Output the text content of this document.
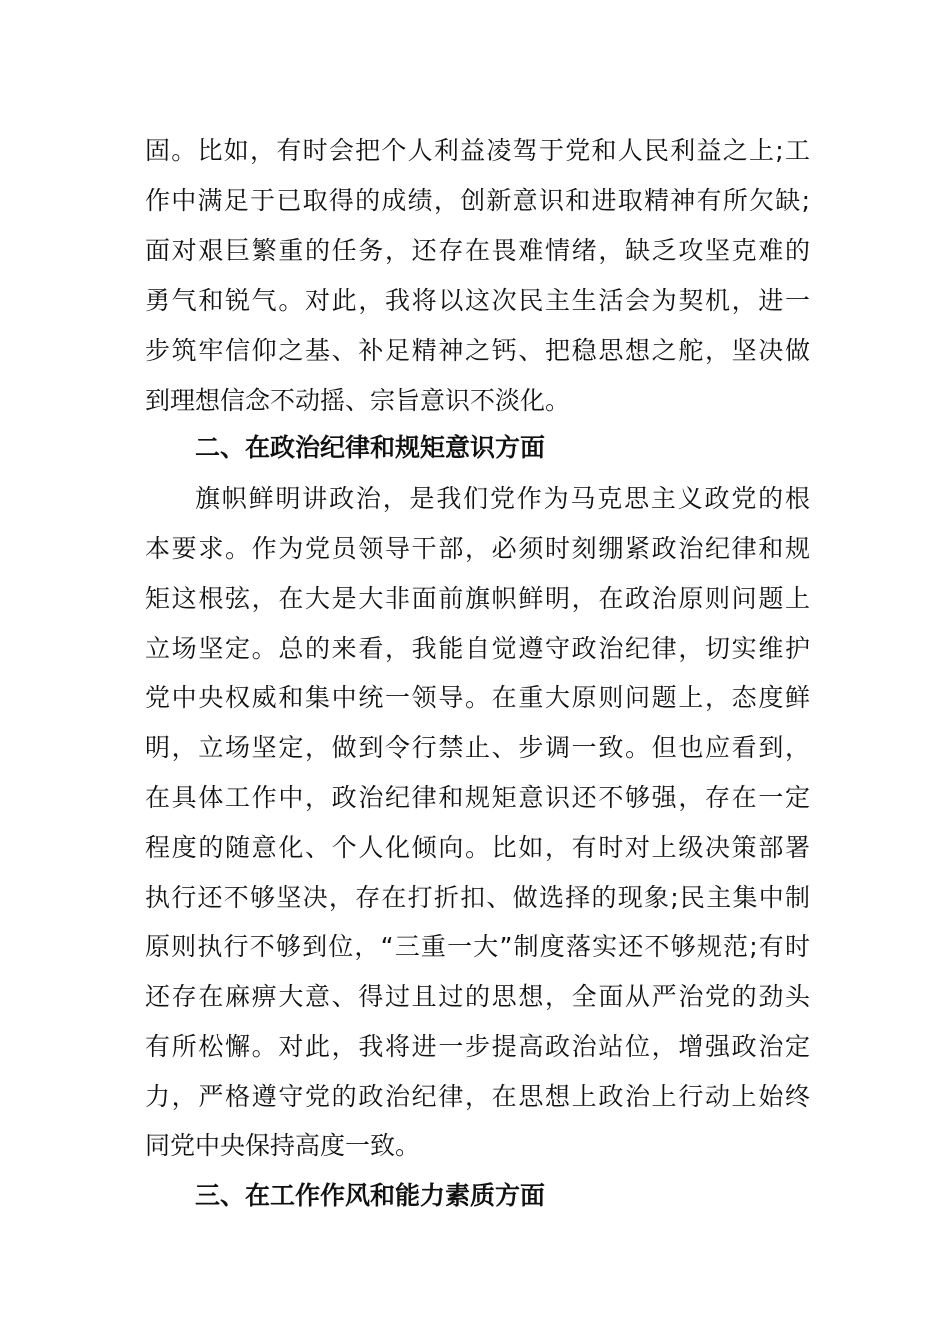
固。比如，有时会把个人利益凌驾于党和人民利益之上;工
作中满足于已取得的成绩，创新意识和进取精神有所欠缺;
面对艰巨繁重的任务，还存在畏难情绪，缺乏攻坚克难的
勇气和锐气。对此，我将以这次民主生活会为契机，进一
步筑牢信仰之基、补足精神之钙、把稳思想之舵，坚决做
到理想信念不动摇、宗旨意识不淡化。
二、在政治纪律和规矩意识方面
旗帜鲜明讲政治，是我们党作为马克思主义政党的根
本要求。作为党员领导干部，必须时刻绷紧政治纪律和规
矩这根弦，在大是大非面前旗帜鲜明，在政治原则问题上
立场坚定。总的来看，我能自觉遵守政治纪律，切实维护
党中央权威和集中统一领导。在重大原则问题上，态度鲜
明，立场坚定，做到令行禁止、步调一致。但也应看到，
在具体工作中，政治纪律和规矩意识还不够强，存在一定
程度的随意化、个人化倾向。比如，有时对上级决策部署
执行还不够坚决，存在打折扣、做选择的现象;民主集中制
原则执行不够到位，“三重一大”制度落实还不够规范;有时
还存在麻痹大意、得过且过的思想，全面从严治党的劲头
有所松懈。对此，我将进一步提高政治站位，增强政治定
力，严格遵守党的政治纪律，在思想上政治上行动上始终
同党中央保持高度一致。
三、在工作作风和能力素质方面
